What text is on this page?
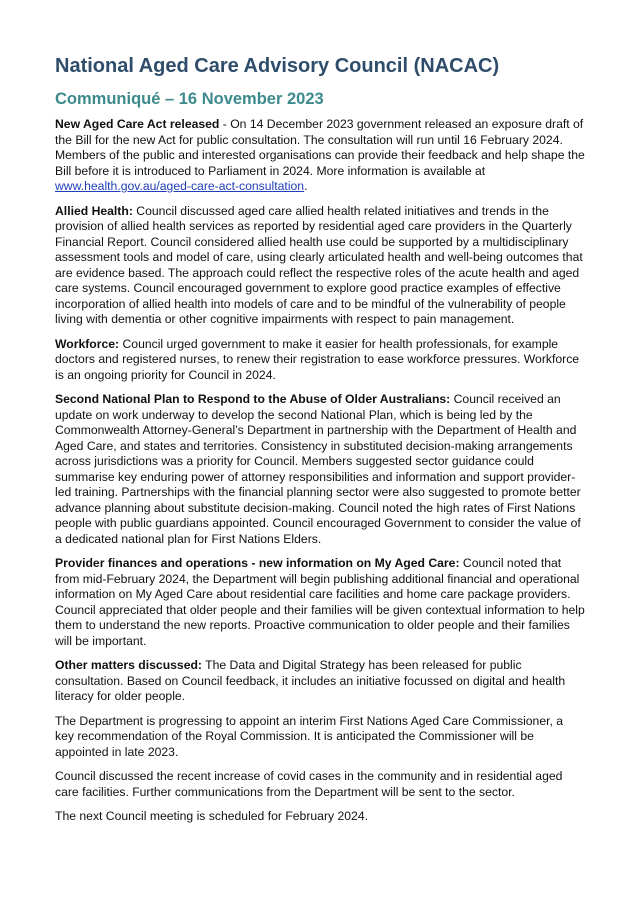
National Aged Care Advisory Council (NACAC)
Communiqué – 16 November 2023

New Aged Care Act released - On 14 December 2023 government released an exposure draft of the Bill for the new Act for public consultation. The consultation will run until 16 February 2024. Members of the public and interested organisations can provide their feedback and help shape the Bill before it is introduced to Parliament in 2024. More information is available at www.health.gov.au/aged-care-act-consultation.

Allied Health: Council discussed aged care allied health related initiatives and trends in the provision of allied health services as reported by residential aged care providers in the Quarterly Financial Report. Council considered allied health use could be supported by a multidisciplinary assessment tools and model of care, using clearly articulated health and well-being outcomes that are evidence based. The approach could reflect the respective roles of the acute health and aged care systems. Council encouraged government to explore good practice examples of effective incorporation of allied health into models of care and to be mindful of the vulnerability of people living with dementia or other cognitive impairments with respect to pain management.

Workforce: Council urged government to make it easier for health professionals, for example doctors and registered nurses, to renew their registration to ease workforce pressures. Workforce is an ongoing priority for Council in 2024.

Second National Plan to Respond to the Abuse of Older Australians: Council received an update on work underway to develop the second National Plan, which is being led by the Commonwealth Attorney-General’s Department in partnership with the Department of Health and Aged Care, and states and territories. Consistency in substituted decision-making arrangements across jurisdictions was a priority for Council. Members suggested sector guidance could summarise key enduring power of attorney responsibilities and information and support provider-led training. Partnerships with the financial planning sector were also suggested to promote better advance planning about substitute decision-making. Council noted the high rates of First Nations people with public guardians appointed. Council encouraged Government to consider the value of a dedicated national plan for First Nations Elders.

Provider finances and operations - new information on My Aged Care: Council noted that from mid-February 2024, the Department will begin publishing additional financial and operational information on My Aged Care about residential care facilities and home care package providers. Council appreciated that older people and their families will be given contextual information to help them to understand the new reports. Proactive communication to older people and their families will be important.

Other matters discussed: The Data and Digital Strategy has been released for public consultation. Based on Council feedback, it includes an initiative focussed on digital and health literacy for older people.

The Department is progressing to appoint an interim First Nations Aged Care Commissioner, a key recommendation of the Royal Commission. It is anticipated the Commissioner will be appointed in late 2023.

Council discussed the recent increase of covid cases in the community and in residential aged care facilities. Further communications from the Department will be sent to the sector.

The next Council meeting is scheduled for February 2024.
